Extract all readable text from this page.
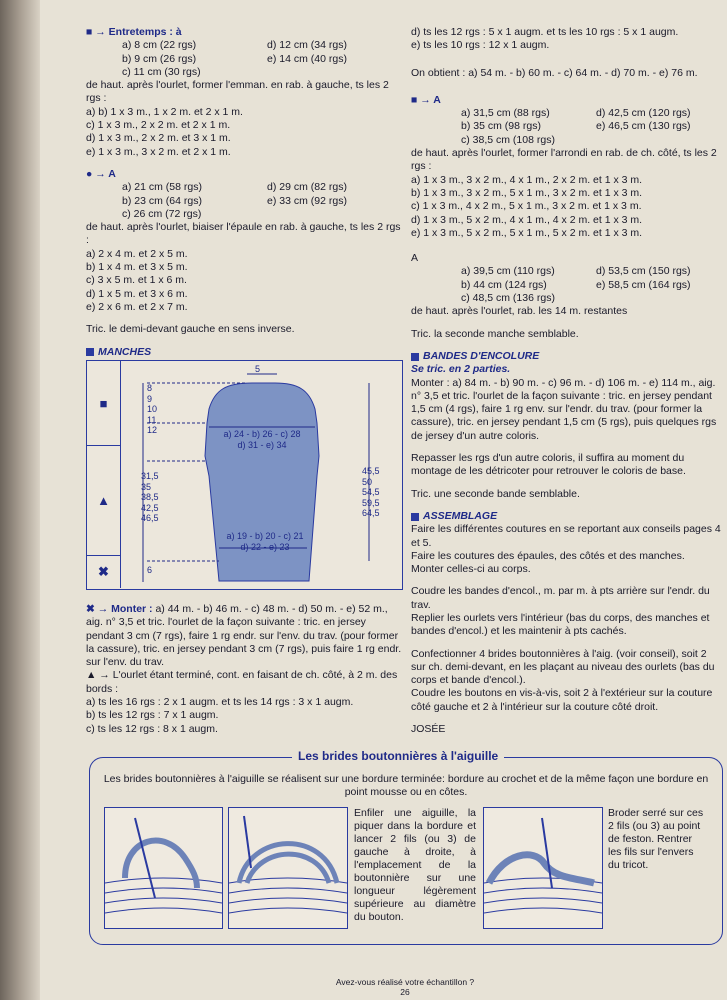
■ → Entretemps : à

a) 8 cm (22 rgs)	d) 12 cm (34 rgs)
b) 9 cm (26 rgs)	e) 14 cm (40 rgs)
c) 11 cm (30 rgs)

de haut. après l'ourlet, former l'emman. en rab. à gauche, ts les 2 rgs :

a) b) 1 x 3 m., 1 x 2 m. et 2 x 1 m.

c) 1 x 3 m., 2 x 2 m. et 2 x 1 m.

d) 1 x 3 m., 2 x 2 m. et 3 x 1 m.

e) 1 x 3 m., 3 x 2 m. et 2 x 1 m.

● → A

a) 21 cm (58 rgs)	d) 29 cm (82 rgs)
b) 23 cm (64 rgs)	e) 33 cm (92 rgs)
c) 26 cm (72 rgs)

de haut. après l'ourlet, biaiser l'épaule en rab. à gauche, ts les 2 rgs :

a) 2 x 4 m. et 2 x 5 m.

b) 1 x 4 m. et 3 x 5 m.

c) 3 x 5 m. et 1 x 6 m.

d) 1 x 5 m. et 3 x 6 m.

e) 2 x 6 m. et 2 x 7 m.

Tric. le demi-devant gauche en sens inverse.

MANCHES
■
▲
✖
5
8
9
10
11
12	a) 24 - b) 26 - c) 28
d) 31 - e) 34
31,5
35
38,5
42,5
46,5
45,5
50
54,5
59,5
64,5
a) 19 - b) 20 - c) 21
d) 22 - e) 23
6

✖ → Monter : a) 44 m. - b) 46 m. - c) 48 m. - d) 50 m. - e) 52 m., aig. n° 3,5 et tric. l'ourlet de la façon suivante : tric. en jersey pendant 3 cm (7 rgs), faire 1 rg endr. sur l'env. du trav. (pour former la cassure), tric. en jersey pendant 3 cm (7 rgs), puis faire 1 rg endr. sur l'env. du trav.

▲ → L'ourlet étant terminé, cont. en faisant de ch. côté, à 2 m. des bords :

a) ts les 16 rgs : 2 x 1 augm. et ts les 14 rgs : 3 x 1 augm.

b) ts les 12 rgs : 7 x 1 augm.

c) ts les 12 rgs : 8 x 1 augm.

d) ts les 12 rgs : 5 x 1 augm. et ts les 10 rgs : 5 x 1 augm.

e) ts les 10 rgs : 12 x 1 augm.

On obtient : a) 54 m. - b) 60 m. - c) 64 m. - d) 70 m. - e) 76 m.

■ → A

a) 31,5 cm (88 rgs)	d) 42,5 cm (120 rgs)
b) 35 cm (98 rgs)	e) 46,5 cm (130 rgs)
c) 38,5 cm (108 rgs)

de haut. après l'ourlet, former l'arrondi en rab. de ch. côté, ts les 2 rgs :

a) 1 x 3 m., 3 x 2 m., 4 x 1 m., 2 x 2 m. et 1 x 3 m.

b) 1 x 3 m., 3 x 2 m., 5 x 1 m., 3 x 2 m. et 1 x 3 m.

c) 1 x 3 m., 4 x 2 m., 5 x 1 m., 3 x 2 m. et 1 x 3 m.

d) 1 x 3 m., 5 x 2 m., 4 x 1 m., 4 x 2 m. et 1 x 3 m.

e) 1 x 3 m., 5 x 2 m., 5 x 1 m., 5 x 2 m. et 1 x 3 m.

A

a) 39,5 cm (110 rgs)	d) 53,5 cm (150 rgs)
b) 44 cm (124 rgs)	e) 58,5 cm (164 rgs)
c) 48,5 cm (136 rgs)

de haut. après l'ourlet, rab. les 14 m. restantes

Tric. la seconde manche semblable.

BANDES D'ENCOLURE

Se tric. en 2 parties.

Monter : a) 84 m. - b) 90 m. - c) 96 m. - d) 106 m. - e) 114 m., aig. n° 3,5 et tric. l'ourlet de la façon suivante : tric. en jersey pendant 1,5 cm (4 rgs), faire 1 rg env. sur l'endr. du trav. (pour former la cassure), tric. en jersey pendant 1,5 cm (5 rgs), puis quelques rgs de jersey d'un autre coloris.

Repasser les rgs d'un autre coloris, il suffira au moment du montage de les détricoter pour retrouver le coloris de base.

Tric. une seconde bande semblable.

ASSEMBLAGE

Faire les différentes coutures en se reportant aux conseils pages 4 et 5.

Faire les coutures des épaules, des côtés et des manches.

Monter celles-ci au corps.

Coudre les bandes d'encol., m. par m. à pts arrière sur l'endr. du trav.

Replier les ourlets vers l'intérieur (bas du corps, des manches et bandes d'encol.) et les maintenir à pts cachés.

Confectionner 4 brides boutonnières à l'aig. (voir conseil), soit 2 sur ch. demi-devant, en les plaçant au niveau des ourlets (bas du corps et bande d'encol.).

Coudre les boutons en vis-à-vis, soit 2 à l'extérieur sur la couture côté gauche et 2 à l'intérieur sur la couture côté droit.

JOSÉE

Les brides boutonnières à l'aiguille
Les brides boutonnières à l'aiguille se réalisent sur une bordure terminée: bordure au crochet et de la même façon une bordure en point mousse ou en côtes.
Enfiler une aiguille, la piquer dans la bordure et lancer 2 fils (ou 3) de gauche à droite, à l'emplacement de la boutonnière sur une longueur légèrement supérieure au diamètre du bouton.
Broder serré sur ces 2 fils (ou 3) au point de feston. Rentrer les fils sur l'envers du tricot.
Avez-vous réalisé votre échantillon ?
26
